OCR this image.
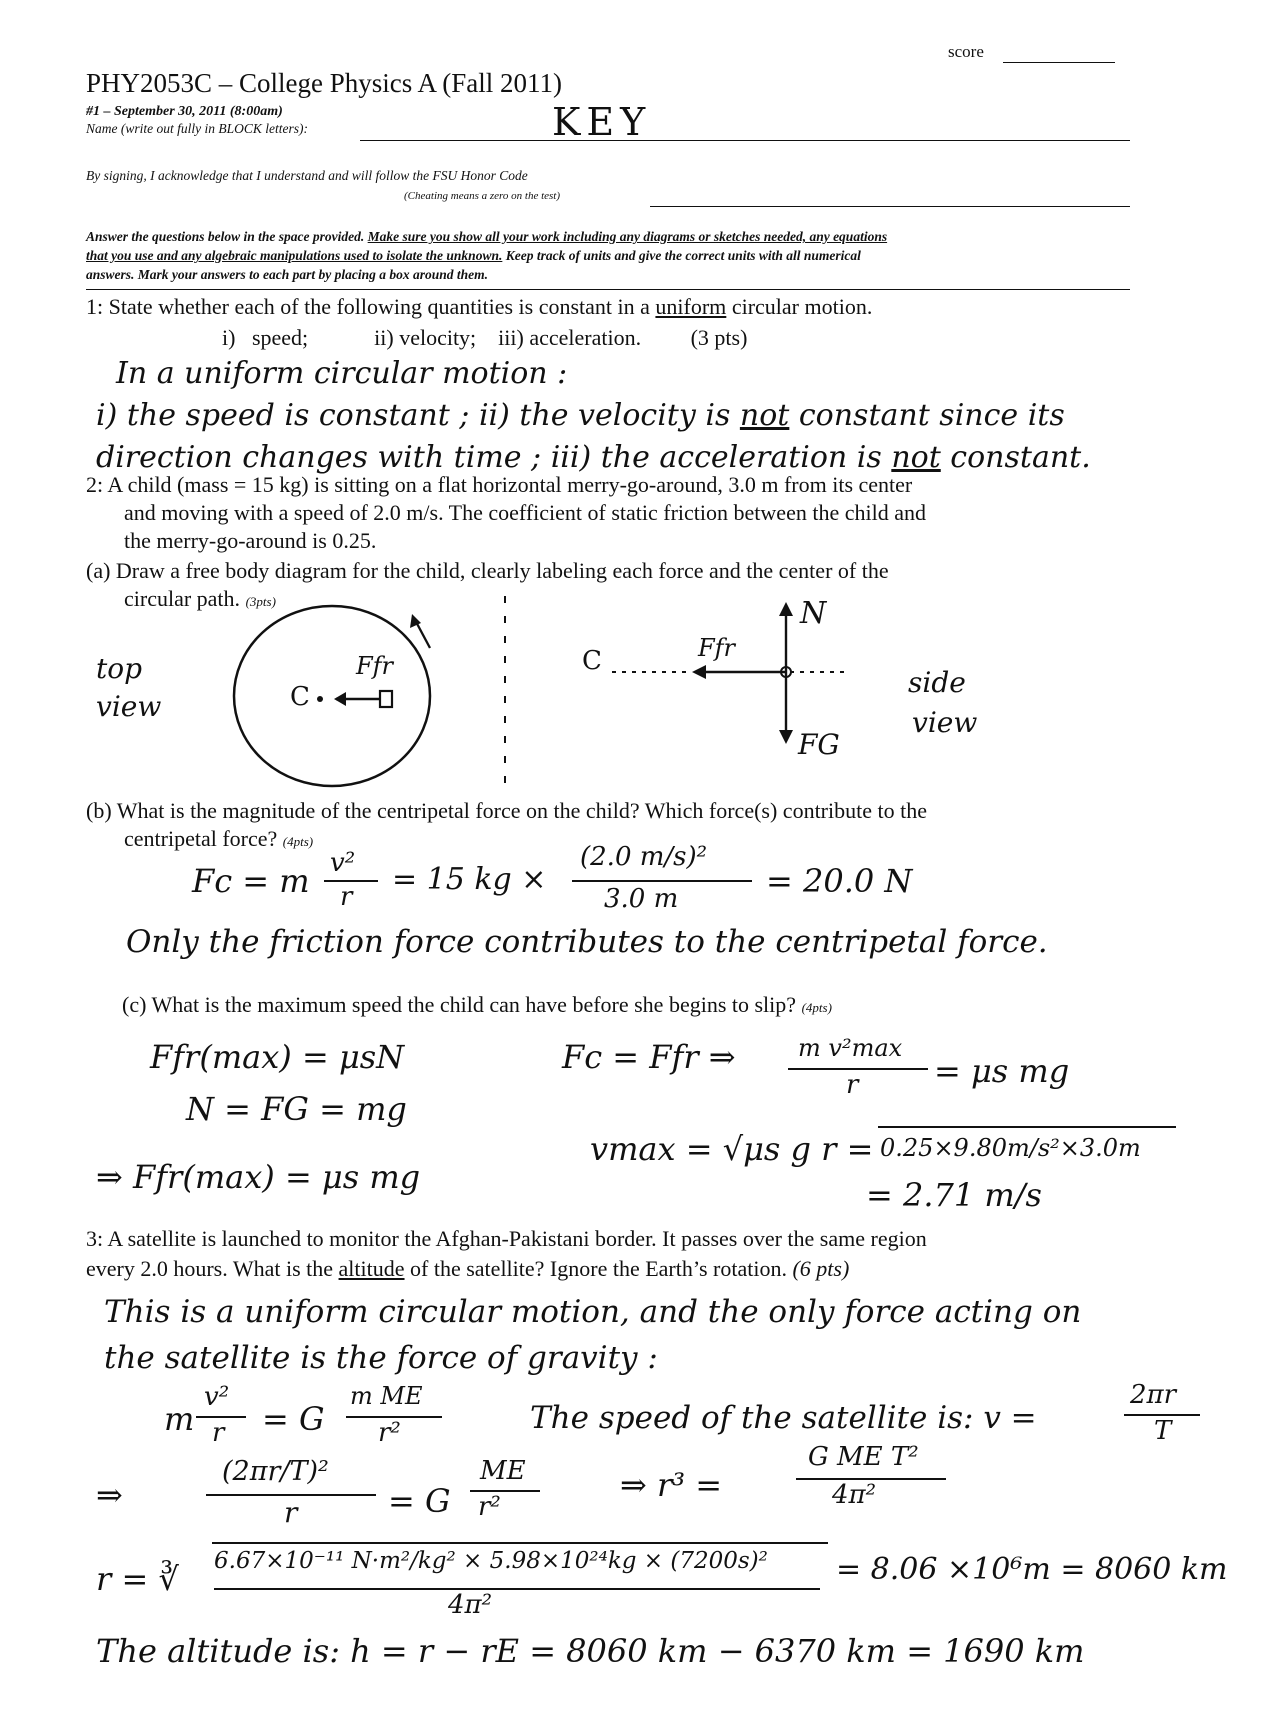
score
PHY2053C – College Physics A (Fall 2011)
#1 – September 30, 2011 (8:00am)
Name (write out fully in BLOCK letters):	KEY
By signing, I acknowledge that I understand and will follow the FSU Honor Code
(Cheating means a zero on the test)
Answer the questions below in the space provided. Make sure you show all your work including any diagrams or sketches needed, any equations
that you use and any algebraic manipulations used to isolate the unknown. Keep track of units and give the correct units with all numerical
answers. Mark your answers to each part by placing a box around them.
1: State whether each of the following quantities is constant in a uniform circular motion.
i)   speed;            ii) velocity;    iii) acceleration.         (3 pts)
In a uniform circular motion :
i) the speed is constant ; ii) the velocity is not constant since its
direction changes with time ; iii) the acceleration is not constant.
2: A child (mass = 15 kg) is sitting on a flat horizontal merry-go-around, 3.0 m from its center
and moving with a speed of 2.0 m/s. The coefficient of static friction between the child and
the merry-go-around is 0.25.
(a) Draw a free body diagram for the child, clearly labeling each force and the center of the
circular path. (3pts)
top
view	C
Ffr	C	Ffr
N
FG
side
view
(b) What is the magnitude of the centripetal force on the child? Which force(s) contribute to the
centripetal force? (4pts)
Fc = m v²
r = 15 kg ×
(2.0 m/s)²
3.0 m	= 20.0 N
Only the friction force contributes to the centripetal force.
(c) What is the maximum speed the child can have before she begins to slip? (4pts)
Ffr(max) = μsN
N = FG = mg
⇒ Ffr(max) = μs mg
Fc = Ffr ⇒	m v²max
r = μs mg
vmax = √μs g r = 0.25×9.80m/s²×3.0m
= 2.71 m/s
3: A satellite is launched to monitor the Afghan-Pakistani border. It passes over the same region
every 2.0 hours. What is the altitude of the satellite? Ignore the Earth’s rotation. (6 pts)
This is a uniform circular motion, and the only force acting on
the satellite is the force of gravity :
m
v²
r = G
m ME
r²	The speed of the satellite is: v =
2πr
T
⇒
(2πr/T)²
r	= G
ME
r²
⇒ r³ =
G ME T²
4π²
r = ∛ 6.67×10⁻¹¹ N·m²/kg² × 5.98×10²⁴kg × (7200s)²
4π²
= 8.06 ×10⁶m = 8060 km
The altitude is: h = r − rE = 8060 km − 6370 km = 1690 km
